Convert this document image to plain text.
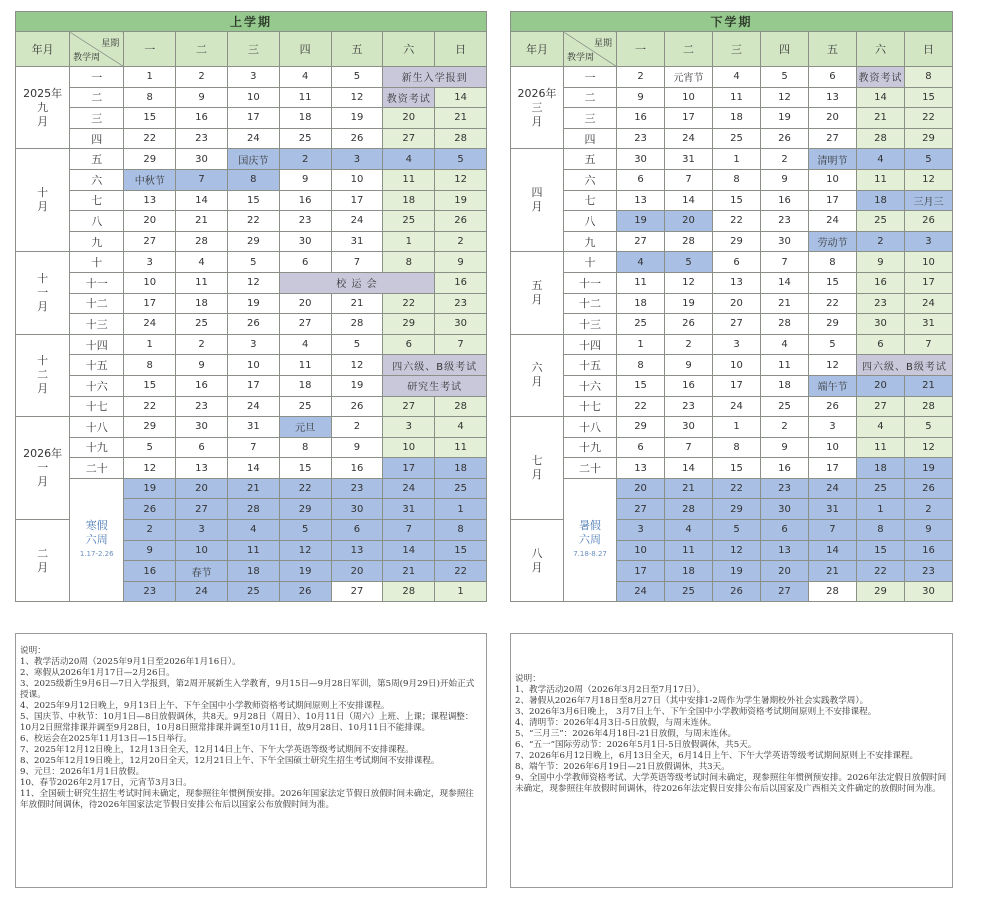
上学期								
年月	星期
教学周	一	二	三	四	五	六	日

2025年
九
月	一	1	2	3	4	5	新生入学报到	
	二	8	9	10	11	12	教资考试	14
	三	15	16	17	18	19	20	21
	四	22	23	24	25	26	27	28

十
月	五	29	30	国庆节	2	3	4	5
	六	中秋节	7	8	9	10	11	12
	七	13	14	15	16	17	18	19
	八	20	21	22	23	24	25	26
	九	27	28	29	30	31	1	2

十
一
月	十	3	4	5	6	7	8	9
	十一	10	11	12	校 运 会			16
	十二	17	18	19	20	21	22	23
	十三	24	25	26	27	28	29	30

十
二
月	十四	1	2	3	4	5	6	7
	十五	8	9	10	11	12	四六级、B级考试	
	十六	15	16	17	18	19	研究生考试	
	十七	22	23	24	25	26	27	28

2026年
一
月	十八	29	30	31	元旦	2	3	4
	十九	5	6	7	8	9	10	11
	二十	12	13	14	15	16	17	18

	寒假
六周
1.17-2.26	19	20	21	22	23	24	25
		26	27	28	29	30	31	1

二
月		2	3	4	5	6	7	8
		9	10	11	12	13	14	15
		16	春节	18	19	20	21	22
		23	24	25	26	27	28	1
下学期								
年月	星期
教学周	一	二	三	四	五	六	日

2026年
三
月	一	2	元宵节	4	5	6	教资考试	8
	二	9	10	11	12	13	14	15
	三	16	17	18	19	20	21	22
	四	23	24	25	26	27	28	29

四
月	五	30	31	1	2	清明节	4	5
	六	6	7	8	9	10	11	12
	七	13	14	15	16	17	18	三月三
	八	19	20	22	23	24	25	26
	九	27	28	29	30	劳动节	2	3

五
月	十	4	5	6	7	8	9	10
	十一	11	12	13	14	15	16	17
	十二	18	19	20	21	22	23	24
	十三	25	26	27	28	29	30	31

六
月	十四	1	2	3	4	5	6	7
	十五	8	9	10	11	12	四六级、B级考试	
	十六	15	16	17	18	端午节	20	21
	十七	22	23	24	25	26	27	28

七
月	十八	29	30	1	2	3	4	5
	十九	6	7	8	9	10	11	12
	二十	13	14	15	16	17	18	19

	暑假
六周
7.18-8.27	20	21	22	23	24	25	26
		27	28	29	30	31	1	2

八
月		3	4	5	6	7	8	9
		10	11	12	13	14	15	16
		17	18	19	20	21	22	23
		24	25	26	27	28	29	30

说明：

1、教学活动20周（2025年9月1日至2026年1月16日）。

2、寒假从2026年1月17日—2月26日。

3、2025级新生9月6日—7日入学报到，第2周开展新生入学教育，9月15日—9月28日军训，第5周(9月29日)开始正式授课。

4、2025年9月12日晚上，9月13日上午、下午全国中小学教师资格考试期间原则上不安排课程。

5、国庆节、中秋节：10月1日—8日放假调休，共8天。9月28日（周日）、10月11日（周六）上班、上课；课程调整：10月2日照常排课并调至9月28日，10月8日照常排课并调至10月11日，故9月28日、10月11日不能排课。

6、校运会在2025年11月13日—15日举行。

7、2025年12月12日晚上，12月13日全天，12月14日上午、下午大学英语等级考试期间不安排课程。

8、2025年12月19日晚上，12月20日全天，12月21日上午、下午全国硕士研究生招生考试期间不安排课程。

9、元旦：2026年1月1日放假。

10、春节2026年2月17日，元宵节3月3日。

11、全国硕士研究生招生考试时间未确定，现参照往年惯例预安排。2026年国家法定节假日放假时间未确定，现参照往年放假时间调休，待2026年国家法定节假日安排公布后以国家公布放假时间为准。

说明：

1、教学活动20周（2026年3月2日至7月17日）。

2、暑假从2026年7月18日至8月27日（其中安排1-2周作为学生暑期校外社会实践教学周）。

3、2026年3月6日晚上， 3月7日上午、下午全国中小学教师资格考试期间原则上不安排课程。

4、清明节：2026年4月3日-5日放假，与周末连休。

5、“三月三”：2026年4月18日-21日放假，与周末连休。

6、“五一”国际劳动节：2026年5月1日-5日放假调休，共5天。

7、2026年6月12日晚上，6月13日全天，6月14日上午、下午大学英语等级考试期间原则上不安排课程。

8、端午节：2026年6月19日—21日放假调休，共3天。

9、全国中小学教师资格考试、大学英语等级考试时间未确定，现参照往年惯例预安排。2026年法定假日放假时间未确定，现参照往年放假时间调休，待2026年法定假日安排公布后以国家及广西相关文件确定的放假时间为准。
